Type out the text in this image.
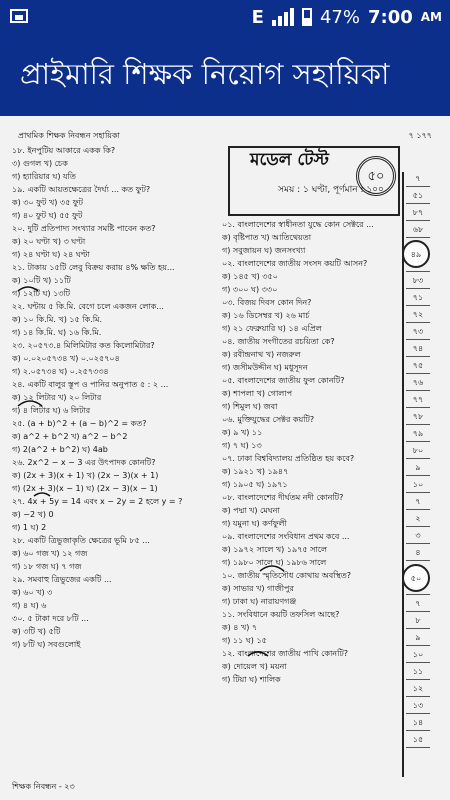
E	47% 7:00 AM
প্রাইমারি শিক্ষক নিয়োগ সহায়িকা
প্রাথমিক শিক্ষক নিবন্ধন সহায়িকা	৭ ১৭৭
১৮. ইনপুটিয় আকারে একক কি?
৩) গুগল খ) চেক
গ) হ্যারিয়ার ঘ) যতি
১৯. একটি আয়তক্ষেত্রের দৈর্ঘ্য ... কত ফুট?
ক) ৩০ ফুট খ) ৩৫ ফুট
গ) ৪০ ফুট ঘ) ৫৫ ফুট
২০. দুটি প্রতিপাদ্য সংখ্যার সমষ্টি পাবেন কত?
ক) ২০ ঘণ্টা খ) ৩ ঘণ্টা
গ) ২৪ ঘণ্টা ঘ) ২৪ ঘণ্টা
২১. টাকায় ১৫টি লেবু বিক্রয় করায় ৪% ক্ষতি হয়...
ক) ১০টি খ) ১১টি
গ) ১২টি ঘ) ১৩টি
২২. ঘন্টায় ৫ কি.মি. বেগে চলে একজন লোক...
ক) ১০ কি.মি. খ) ১৫ কি.মি.
গ) ১৪ কি.মি. ঘ) ১৬ কি.মি.
২৩. ২০৫৭৩.৪ মিলিমিটার কত কিলোমিটার?
ক) ০.০২০৫৭৩৪ খ) ০.০২৫৭০৪
গ) ২.০৫৭৩৪ ঘ) ০.২৫৭৩৩৪
২৪. একটি বালুর স্তূপ ও পানির অনুপাত ৫ : ২ ...
ক) ১২ লিটার খ) ২০ লিটার
গ) ৪ লিটার ঘ) ৬ লিটার
২৫. (a + b)^2 + (a − b)^2 = কত?
ক) a^2 + b^2 খ) a^2 − b^2
গ) 2(a^2 + b^2) ঘ) 4ab
২৬. 2x^2 − x − 3 এর উৎপাদক কোনটি?
ক) (2x + 3)(x + 1) খ) (2x − 3)(x + 1)
গ) (2x + 3)(x − 1) ঘ) (2x − 3)(x − 1)
২৭. 4x + 5y = 14 এবং x − 2y = 2 হলে y = ?
ক) −2 খ) 0
গ) 1 ঘ) 2
২৮. একটি ত্রিভুজাকৃতি ক্ষেত্রের ভূমি ৮৫ ...
ক) ৬০ গজ খ) ১২ গজ
গ) ১৮ গজ ঘ) ৭ গজ
২৯. সমবাহু ত্রিভুজের একটি ...
ক) ৬০ খ) ৩
গ) ৪ ঘ) ৬
৩০. ৫ টাকা দরে ৮টি ...
ক) ৩টি খ) ৫টি
গ) ৮টি ঘ) সবগুলোই
মডেল টেস্ট
সময় : ১ ঘণ্টা, পূর্ণমান : ১০০
৫০
০১. বাংলাদেশের স্বাধীনতা যুদ্ধে কোন সেক্টরে ...
ক) বৃষ্টিপাত খ) আতিথেয়তা
গ) সবুজায়ন ঘ) জনসংখ্যা
০২. বাংলাদেশের জাতীয় সংসদ কয়টি আসন?
ক) ১৪৫ খ) ৩৫০
গ) ৩০০ ঘ) ৩৩০
০৩. বিজয় দিবস কোন দিন?
ক) ১৬ ডিসেম্বর খ) ২৬ মার্চ
গ) ২১ ফেব্রুয়ারি ঘ) ১৪ এপ্রিল
০৪. জাতীয় সংগীতের রচয়িতা কে?
ক) রবীন্দ্রনাথ খ) নজরুল
গ) জসীমউদ্দীন ঘ) মধুসূদন
০৫. বাংলাদেশের জাতীয় ফুল কোনটি?
ক) শাপলা খ) গোলাপ
গ) শিমুল ঘ) জবা
০৬. মুক্তিযুদ্ধের সেক্টর কয়টি?
ক) ৯ খ) ১১
গ) ৭ ঘ) ১৩
০৭. ঢাকা বিশ্ববিদ্যালয় প্রতিষ্ঠিত হয় কবে?
ক) ১৯২১ খ) ১৯৪৭
গ) ১৯০৫ ঘ) ১৯৭১
০৮. বাংলাদেশের দীর্ঘতম নদী কোনটি?
ক) পদ্মা খ) মেঘনা
গ) যমুনা ঘ) কর্ণফুলী
০৯. বাংলাদেশের সংবিধান প্রথম কবে ...
ক) ১৯৭২ সালে খ) ১৯৭৫ সালে
গ) ১৯৮০ সালে ঘ) ১৯৮৬ সালে
১০. জাতীয় স্মৃতিসৌধ কোথায় অবস্থিত?
ক) সাভার খ) গাজীপুর
গ) ঢাকা ঘ) নারায়ণগঞ্জ
১১. সংবিধানে কয়টি তফসিল আছে?
ক) ৪ খ) ৭
গ) ১১ ঘ) ১৫
১২. বাংলাদেশের জাতীয় পাখি কোনটি?
ক) দোয়েল খ) ময়না
গ) টিয়া ঘ) শালিক
৭
৫১
৮৭
৬৮
৮৩
৭১
৭২
৭৩
৭৪
৭৫
৭৬
৭৭
৭৮
৭৯
৮০
৯
১০
৭
২
৩
৪
৭
৮
৯
১০
১১
১২
১৩
১৪
১৫
৪৯
৫০
শিক্ষক নিবন্ধন - ২৩
